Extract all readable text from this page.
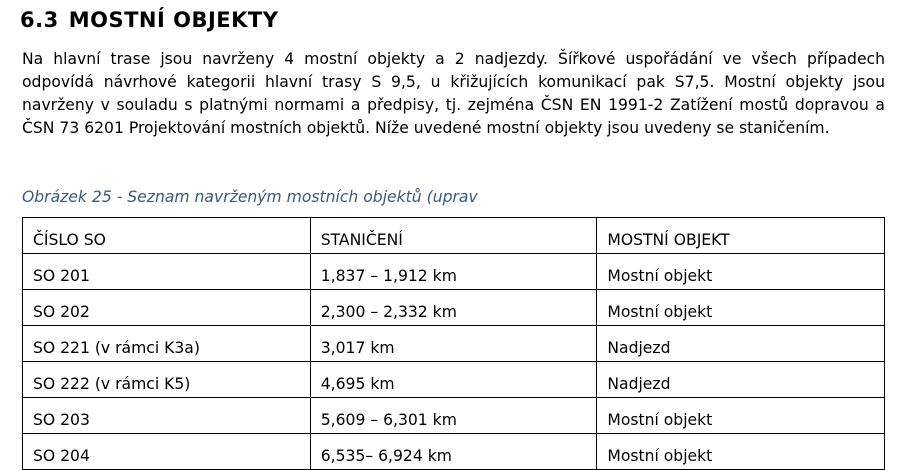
6.3 MOSTNÍ OBJEKTY

Na hlavní trase jsou navrženy 4 mostní objekty a 2 nadjezdy. Šířkové uspořádání ve všech případech odpovídá návrhové kategorii hlavní trasy S 9,5, u křižujících komunikací pak S7,5. Mostní objekty jsou navrženy v souladu s platnými normami a předpisy, tj. zejména ČSN EN 1991-2 Zatížení mostů dopravou a ČSN 73 6201 Projektování mostních objektů. Níže uvedené mostní objekty jsou uvedeny se staničením.

Obrázek 25 - Seznam navrženým mostních objektů (uprav

ČÍSLO SO	STANIČENÍ	MOSTNÍ OBJEKT
SO 201	1,837 – 1,912 km	Mostní objekt
SO 202	2,300 – 2,332 km	Mostní objekt
SO 221 (v rámci K3a)	3,017 km	Nadjezd
SO 222 (v rámci K5)	4,695 km	Nadjezd
SO 203	5,609 – 6,301 km	Mostní objekt
SO 204	6,535– 6,924 km	Mostní objekt
